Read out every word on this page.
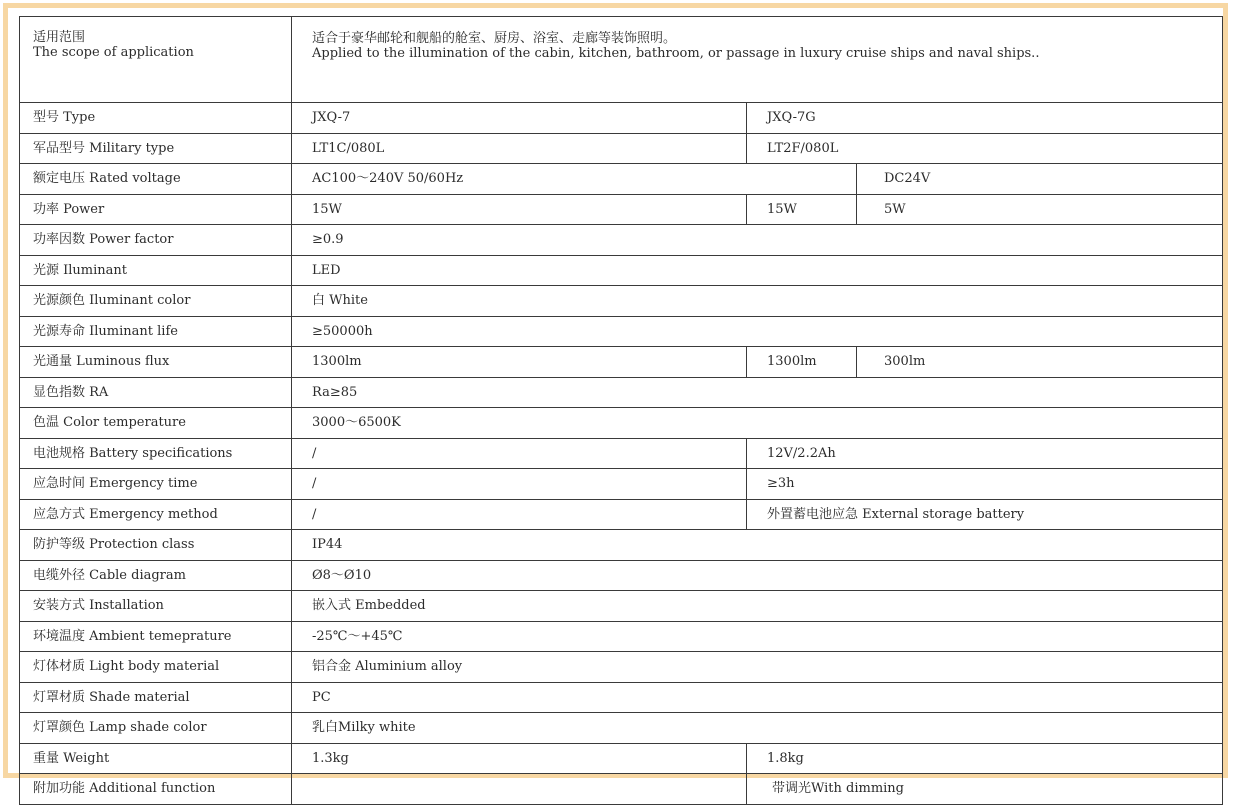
适用范围
The scope of application	适合于豪华邮轮和舰船的舱室、厨房、浴室、走廊等装饰照明。
Applied to the illumination of the cabin, kitchen, bathroom, or passage in luxury cruise ships and naval ships..		

型号 Type	JXQ-7	JXQ-7G	
军品型号 Military type	LT1C/080L	LT2F/080L	
额定电压 Rated voltage	AC100～240V 50/60Hz		DC24V
功率 Power	15W	15W	5W
功率因数 Power factor	≥0.9		
光源 Iluminant	LED		
光源颜色 Iluminant color	白 White		
光源寿命 Iluminant life	≥50000h		
光通量 Luminous flux	1300lm	1300lm	300lm
显色指数 RA	Ra≥85		
色温 Color temperature	3000～6500K		
电池规格 Battery specifications	/	12V/2.2Ah	
应急时间 Emergency time	/	≥3h	
应急方式 Emergency method	/	外置蓄电池应急 External storage battery	
防护等级 Protection class	IP44		
电缆外径 Cable diagram	Ø8～Ø10		
安装方式 Installation	嵌入式 Embedded		
环境温度 Ambient temeprature	-25℃～+45℃		
灯体材质 Light body material	铝合金 Aluminium alloy		
灯罩材质 Shade material	PC		
灯罩颜色 Lamp shade color	乳白Milky white		
重量 Weight	1.3kg	1.8kg	
附加功能 Additional function		带调光With dimming	
